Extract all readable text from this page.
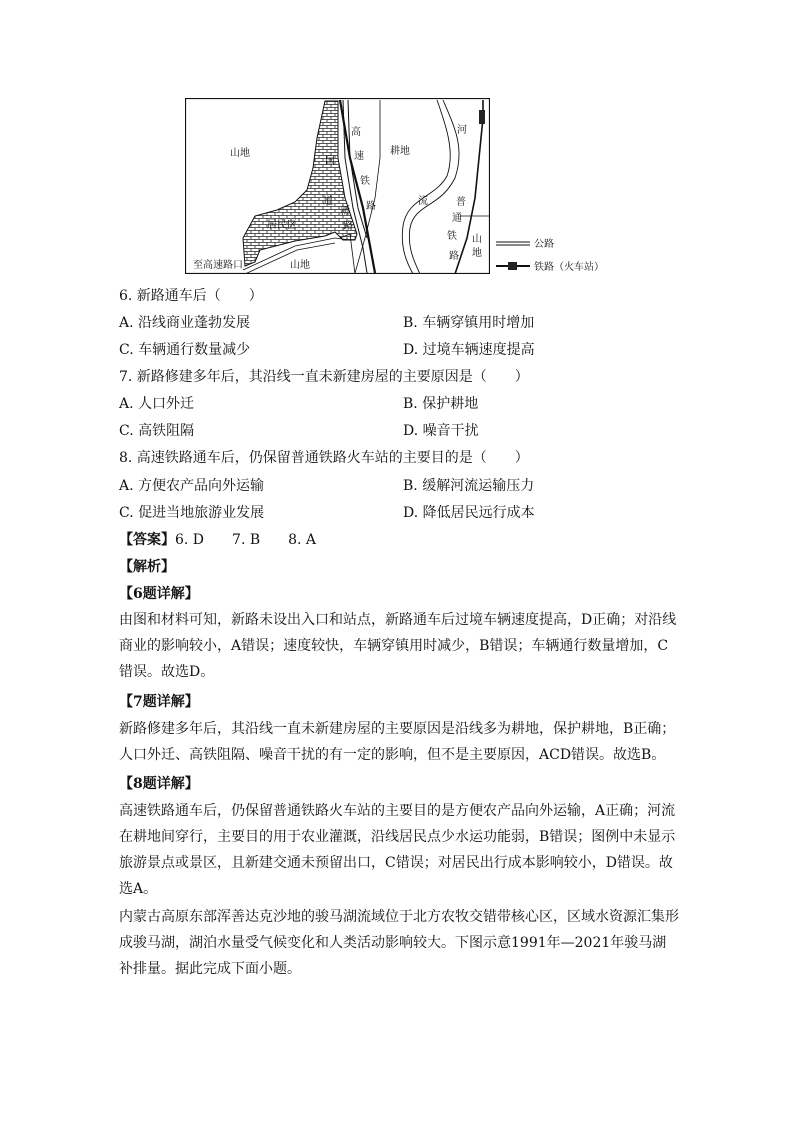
山地	耕地
居民区
至高速路口	山地
河
流
国
道
新
路
高
速
铁
路	普
通
铁
路
山
地
公路
铁路（火车站）
6. 新路通车后（　　）
A. 沿线商业蓬勃发展	B. 车辆穿镇用时增加
C. 车辆通行数量减少	D. 过境车辆速度提高
7. 新路修建多年后，其沿线一直未新建房屋的主要原因是（　　）
A. 人口外迁	B. 保护耕地
C. 高铁阻隔	D. 噪音干扰
8. 高速铁路通车后，仍保留普通铁路火车站的主要目的是（　　）
A. 方便农产品向外运输	B. 缓解河流运输压力
C. 促进当地旅游业发展	D. 降低居民远行成本
【答案】6. D　　7. B　　8. A
【解析】
【6题详解】
由图和材料可知，新路未设出入口和站点，新路通车后过境车辆速度提高，D正确；对沿线商业的影响较小，A错误；速度较快，车辆穿镇用时减少，B错误；车辆通行数量增加，C错误。故选D。
【7题详解】
新路修建多年后，其沿线一直未新建房屋的主要原因是沿线多为耕地，保护耕地，B正确；人口外迁、高铁阻隔、噪音干扰的有一定的影响，但不是主要原因，ACD错误。故选B。
【8题详解】
高速铁路通车后，仍保留普通铁路火车站的主要目的是方便农产品向外运输，A正确；河流在耕地间穿行，主要目的用于农业灌溉，沿线居民点少水运功能弱，B错误；图例中未显示旅游景点或景区，且新建交通未预留出口，C错误；对居民出行成本影响较小，D错误。故选A。
内蒙古高原东部浑善达克沙地的骏马湖流域位于北方农牧交错带核心区，区域水资源汇集形成骏马湖，湖泊水量受气候变化和人类活动影响较大。下图示意1991年—2021年骏马湖补排量。据此完成下面小题。
